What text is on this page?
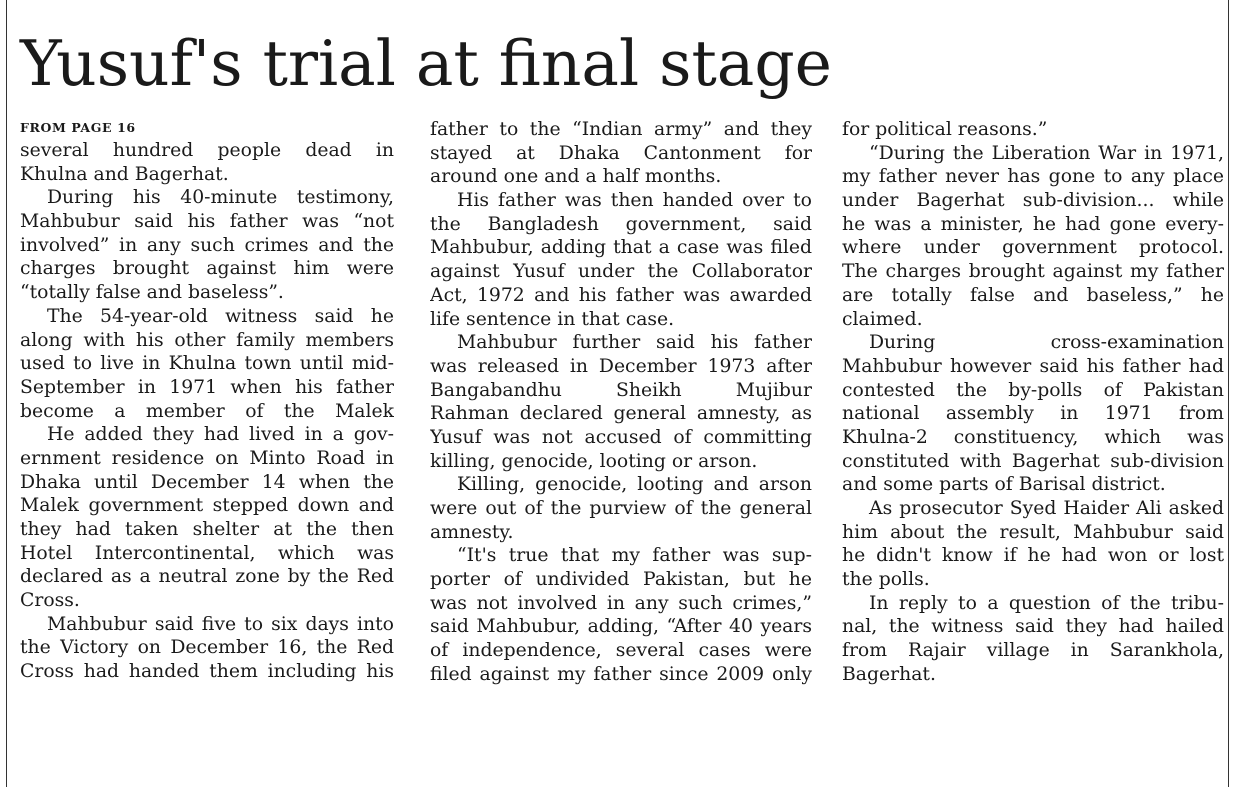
Yusuf's trial at final stage
FROM PAGE 16
several hundred people dead in
Khulna and Bagerhat.
During his 40-minute testimony,
Mahbubur said his father was “not
involved” in any such crimes and the
charges brought against him were
“totally false and baseless”.
The 54-year-old witness said he
along with his other family members
used to live in Khulna town until mid-
September in 1971 when his father
become a member of the Malek
He added they had lived in a gov-
ernment residence on Minto Road in
Dhaka until December 14 when the
Malek government stepped down and
they had taken shelter at the then
Hotel Intercontinental, which was
declared as a neutral zone by the Red
Cross.
Mahbubur said five to six days into
the Victory on December 16, the Red
Cross had handed them including his
father to the “Indian army” and they
stayed at Dhaka Cantonment for
around one and a half months.
His father was then handed over to
the Bangladesh government, said
Mahbubur, adding that a case was filed
against Yusuf under the Collaborator
Act, 1972 and his father was awarded
life sentence in that case.
Mahbubur further said his father
was released in December 1973 after
Bangabandhu Sheikh Mujibur
Rahman declared general amnesty, as
Yusuf was not accused of committing
killing, genocide, looting or arson.
Killing, genocide, looting and arson
were out of the purview of the general
amnesty.
“It's true that my father was sup-
porter of undivided Pakistan, but he
was not involved in any such crimes,”
said Mahbubur, adding, “After 40 years
of independence, several cases were
filed against my father since 2009 only
for political reasons.”
“During the Liberation War in 1971,
my father never has gone to any place
under Bagerhat sub-division... while
he was a minister, he had gone every-
where under government protocol.
The charges brought against my father
are totally false and baseless,” he
claimed.
During cross-examination
Mahbubur however said his father had
contested the by-polls of Pakistan
national assembly in 1971 from
Khulna-2 constituency, which was
constituted with Bagerhat sub-division
and some parts of Barisal district.
As prosecutor Syed Haider Ali asked
him about the result, Mahbubur said
he didn't know if he had won or lost
the polls.
In reply to a question of the tribu-
nal, the witness said they had hailed
from Rajair village in Sarankhola,
Bagerhat.
